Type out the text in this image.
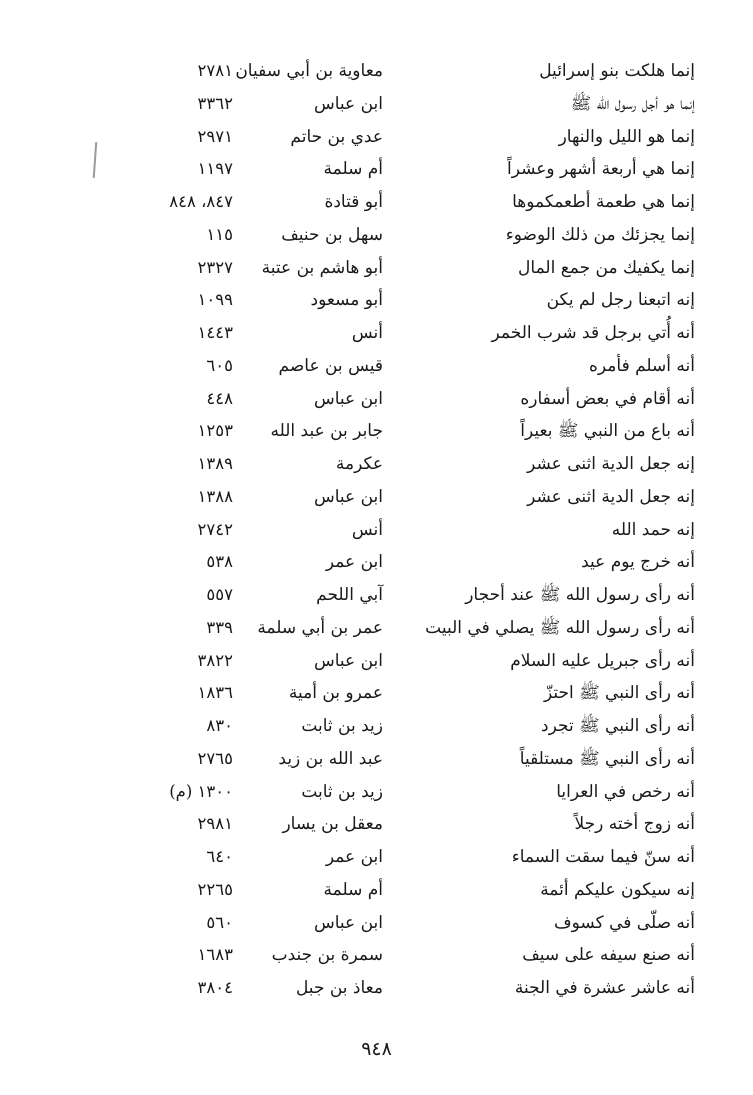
إنما هلكت بنو إسرائيل
معاوية بن أبي سفيان
٢٧٨١
إنما هو أجل رسول الله ﷺ
ابن عباس
٣٣٦٢
إنما هو الليل والنهار
عدي بن حاتم
٢٩٧١
إنما هي أربعة أشهر وعشراً
أم سلمة
١١٩٧
إنما هي طعمة أطعمكموها
أبو قتادة
٨٤٧، ٨٤٨
إنما يجزئك من ذلك الوضوء
سهل بن حنيف
١١٥
إنما يكفيك من جمع المال
أبو هاشم بن عتبة
٢٣٢٧
إنه اتبعنا رجل لم يكن
أبو مسعود
١٠٩٩
أنه أُتي برجل قد شرب الخمر
أنس
١٤٤٣
أنه أسلم فأمره
قيس بن عاصم
٦٠٥
أنه أقام في بعض أسفاره
ابن عباس
٤٤٨
أنه باع من النبي ﷺ بعيراً
جابر بن عبد الله
١٢٥٣
إنه جعل الدية اثنى عشر
عكرمة
١٣٨٩
إنه جعل الدية اثنى عشر
ابن عباس
١٣٨٨
إنه حمد الله
أنس
٢٧٤٢
أنه خرج يوم عيد
ابن عمر
٥٣٨
أنه رأى رسول الله ﷺ عند أحجار
آبي اللحم
٥٥٧
أنه رأى رسول الله ﷺ يصلي في البيت
عمر بن أبي سلمة
٣٣٩
أنه رأى جبريل عليه السلام
ابن عباس
٣٨٢٢
أنه رأى النبي ﷺ احتزّ
عمرو بن أمية
١٨٣٦
أنه رأى النبي ﷺ تجرد
زيد بن ثابت
٨٣٠
أنه رأى النبي ﷺ مستلقياً
عبد الله بن زيد
٢٧٦٥
أنه رخص في العرايا
زيد بن ثابت
١٣٠٠ (م)
أنه زوج أخته رجلاً
معقل بن يسار
٢٩٨١
أنه سنّ فيما سقت السماء
ابن عمر
٦٤٠
إنه سيكون عليكم أئمة
أم سلمة
٢٢٦٥
أنه صلّى في كسوف
ابن عباس
٥٦٠
أنه صنع سيفه على سيف
سمرة بن جندب
١٦٨٣
أنه عاشر عشرة في الجنة
معاذ بن جبل
٣٨٠٤
٩٤٨
